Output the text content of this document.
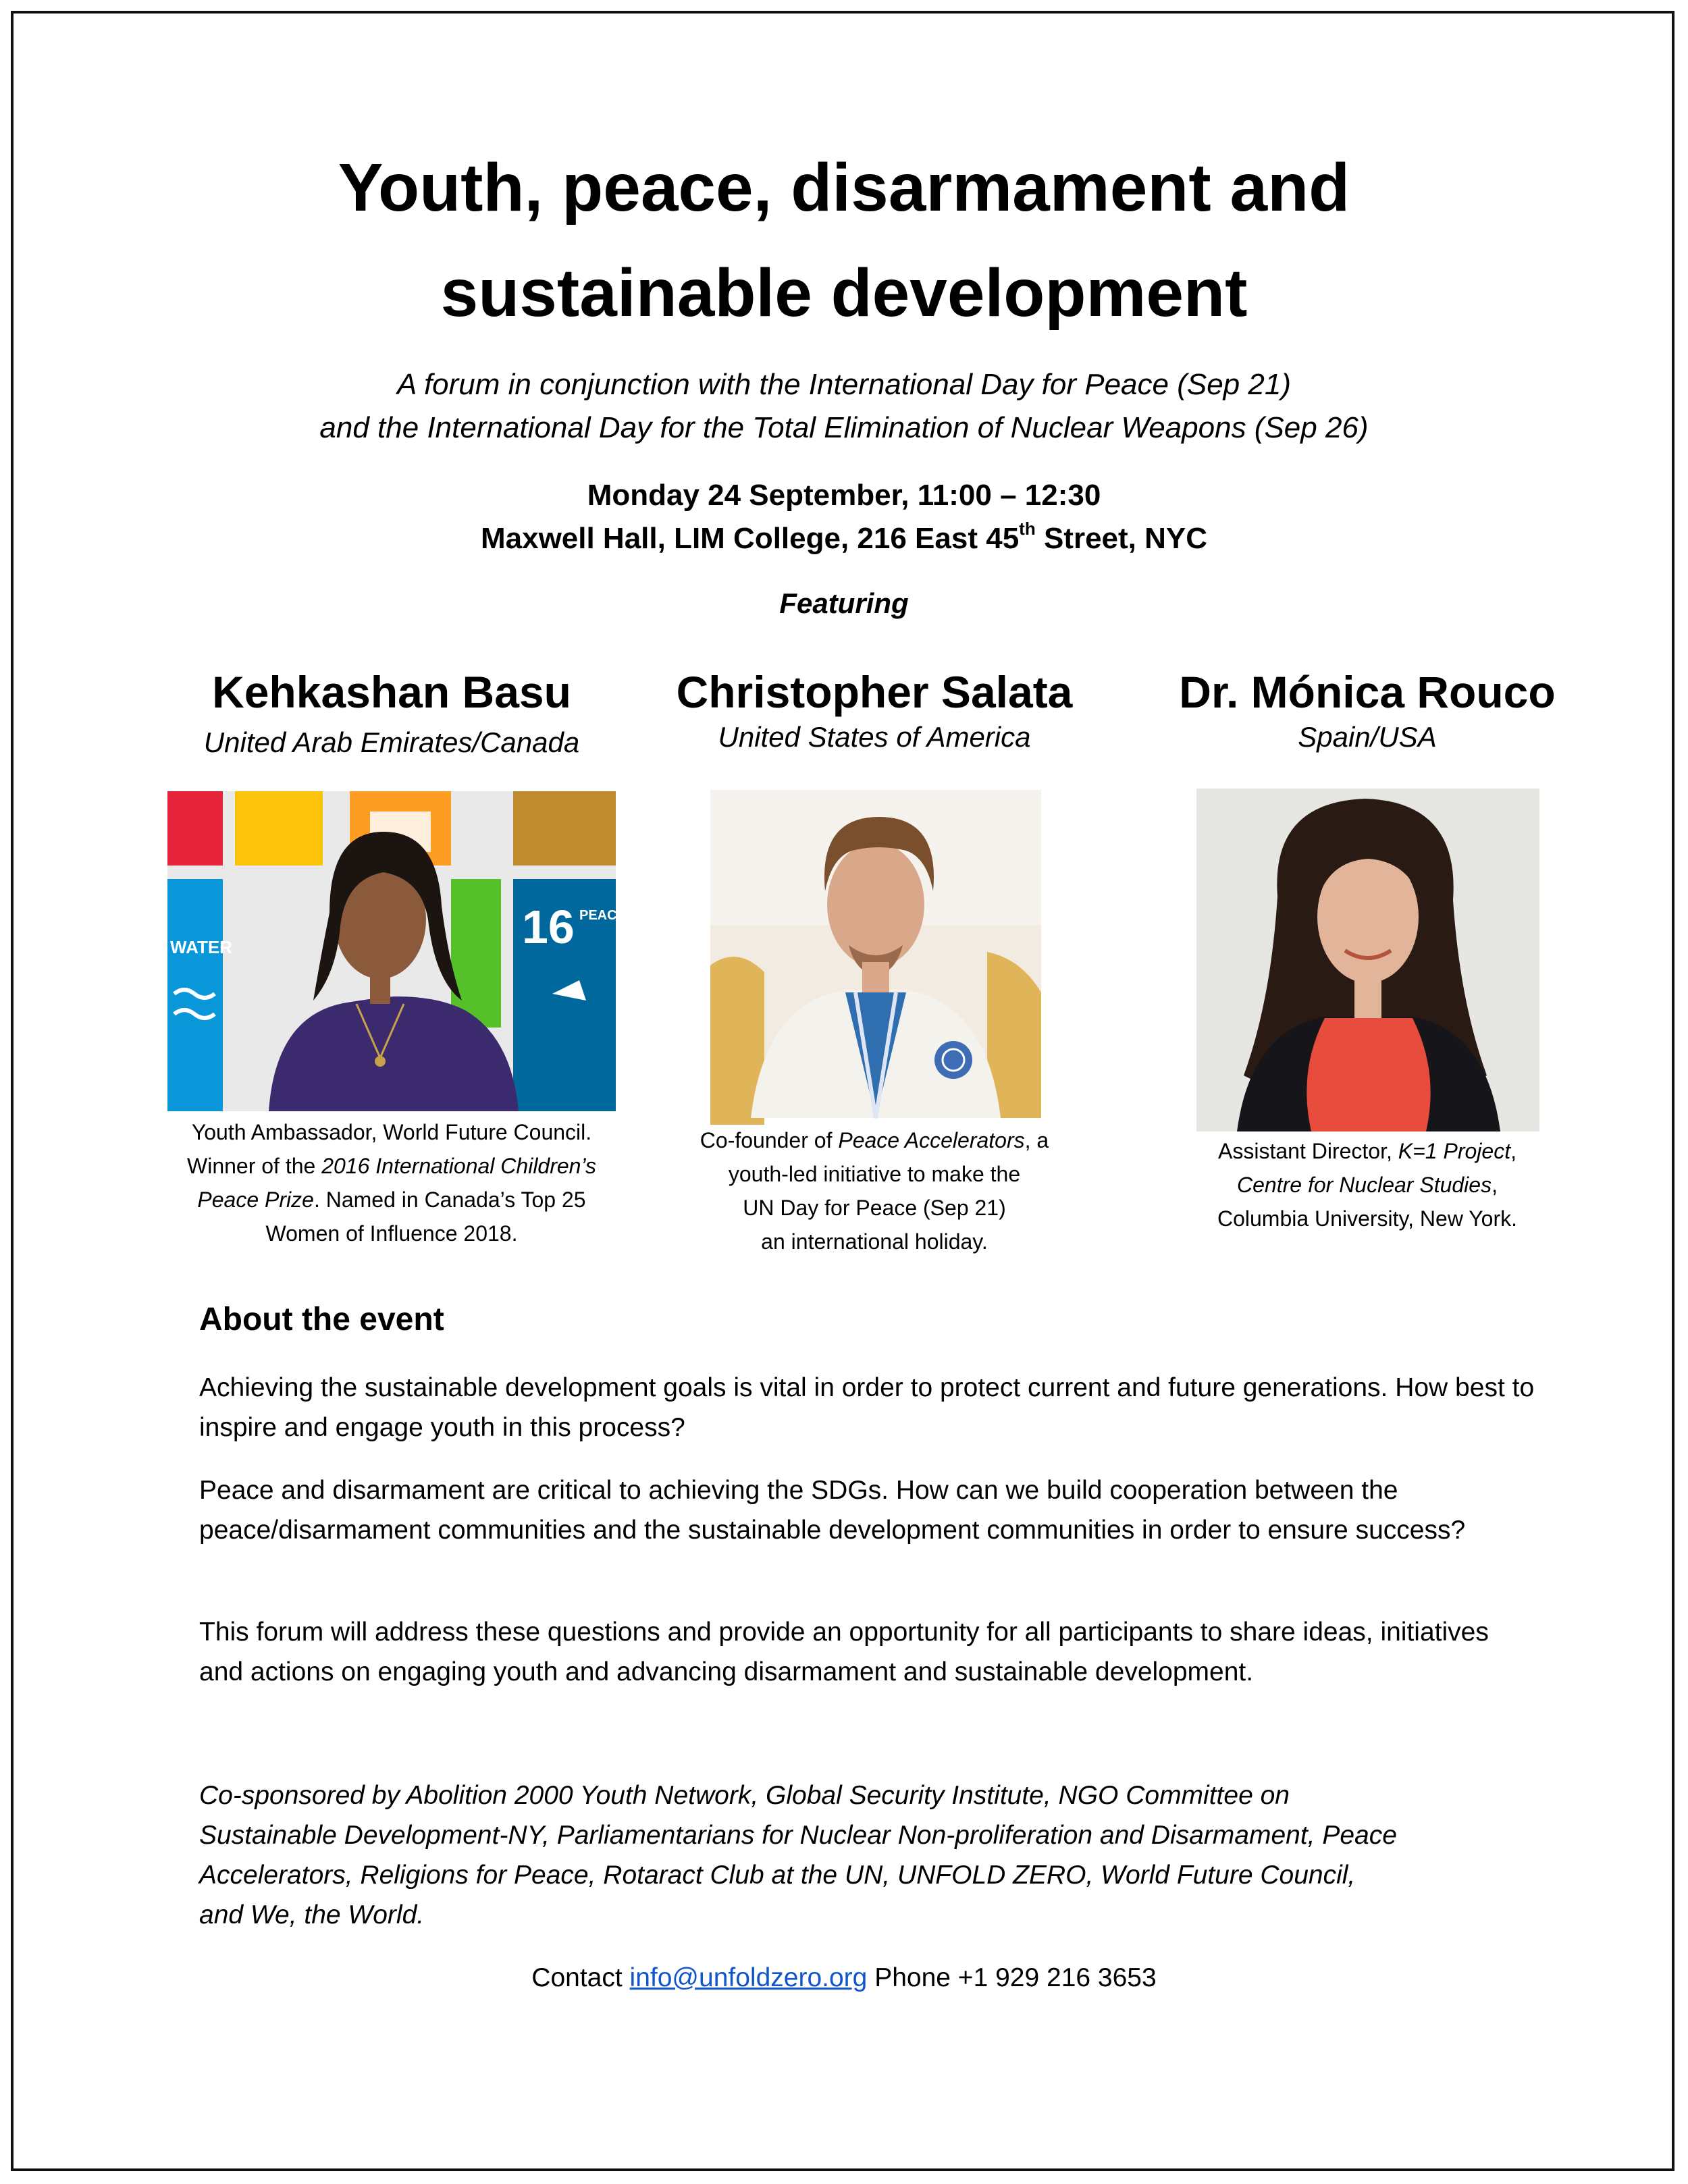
Youth, peace, disarmament and
sustainable development
A forum in conjunction with the International Day for Peace (Sep 21)
and the International Day for the Total Elimination of Nuclear Weapons (Sep 26)
Monday 24 September, 11:00 – 12:30
Maxwell Hall, LIM College, 216 East 45th Street, NYC
Featuring
Kehkashan Basu
United Arab Emirates/Canada
WATER	16 PEACE AND INST
Youth Ambassador, World Future Council.
Winner of the 2016 International Children’s
Peace Prize. Named in Canada’s Top 25
Women of Influence 2018.
Christopher Salata
United States of America
Co-founder of Peace Accelerators, a
youth-led initiative to make the
UN Day for Peace (Sep 21)
an international holiday.
Dr. Mónica Rouco
Spain/USA
Assistant Director, K=1 Project,
Centre for Nuclear Studies,
Columbia University, New York.
About the event
Achieving the sustainable development goals is vital in order to protect current and future generations. How best to inspire and engage youth in this process?
Peace and disarmament are critical to achieving the SDGs. How can we build cooperation between the peace/disarmament communities and the sustainable development communities in order to ensure success?
This forum will address these questions and provide an opportunity for all participants to share ideas, initiatives and actions on engaging youth and advancing disarmament and sustainable development.
Co-sponsored by Abolition 2000 Youth Network, Global Security Institute, NGO Committee on
Sustainable Development-NY, Parliamentarians for Nuclear Non-proliferation and Disarmament, Peace
Accelerators, Religions for Peace, Rotaract Club at the UN, UNFOLD ZERO, World Future Council,
and We, the World.
Contact info@unfoldzero.org Phone +1 929 216 3653
